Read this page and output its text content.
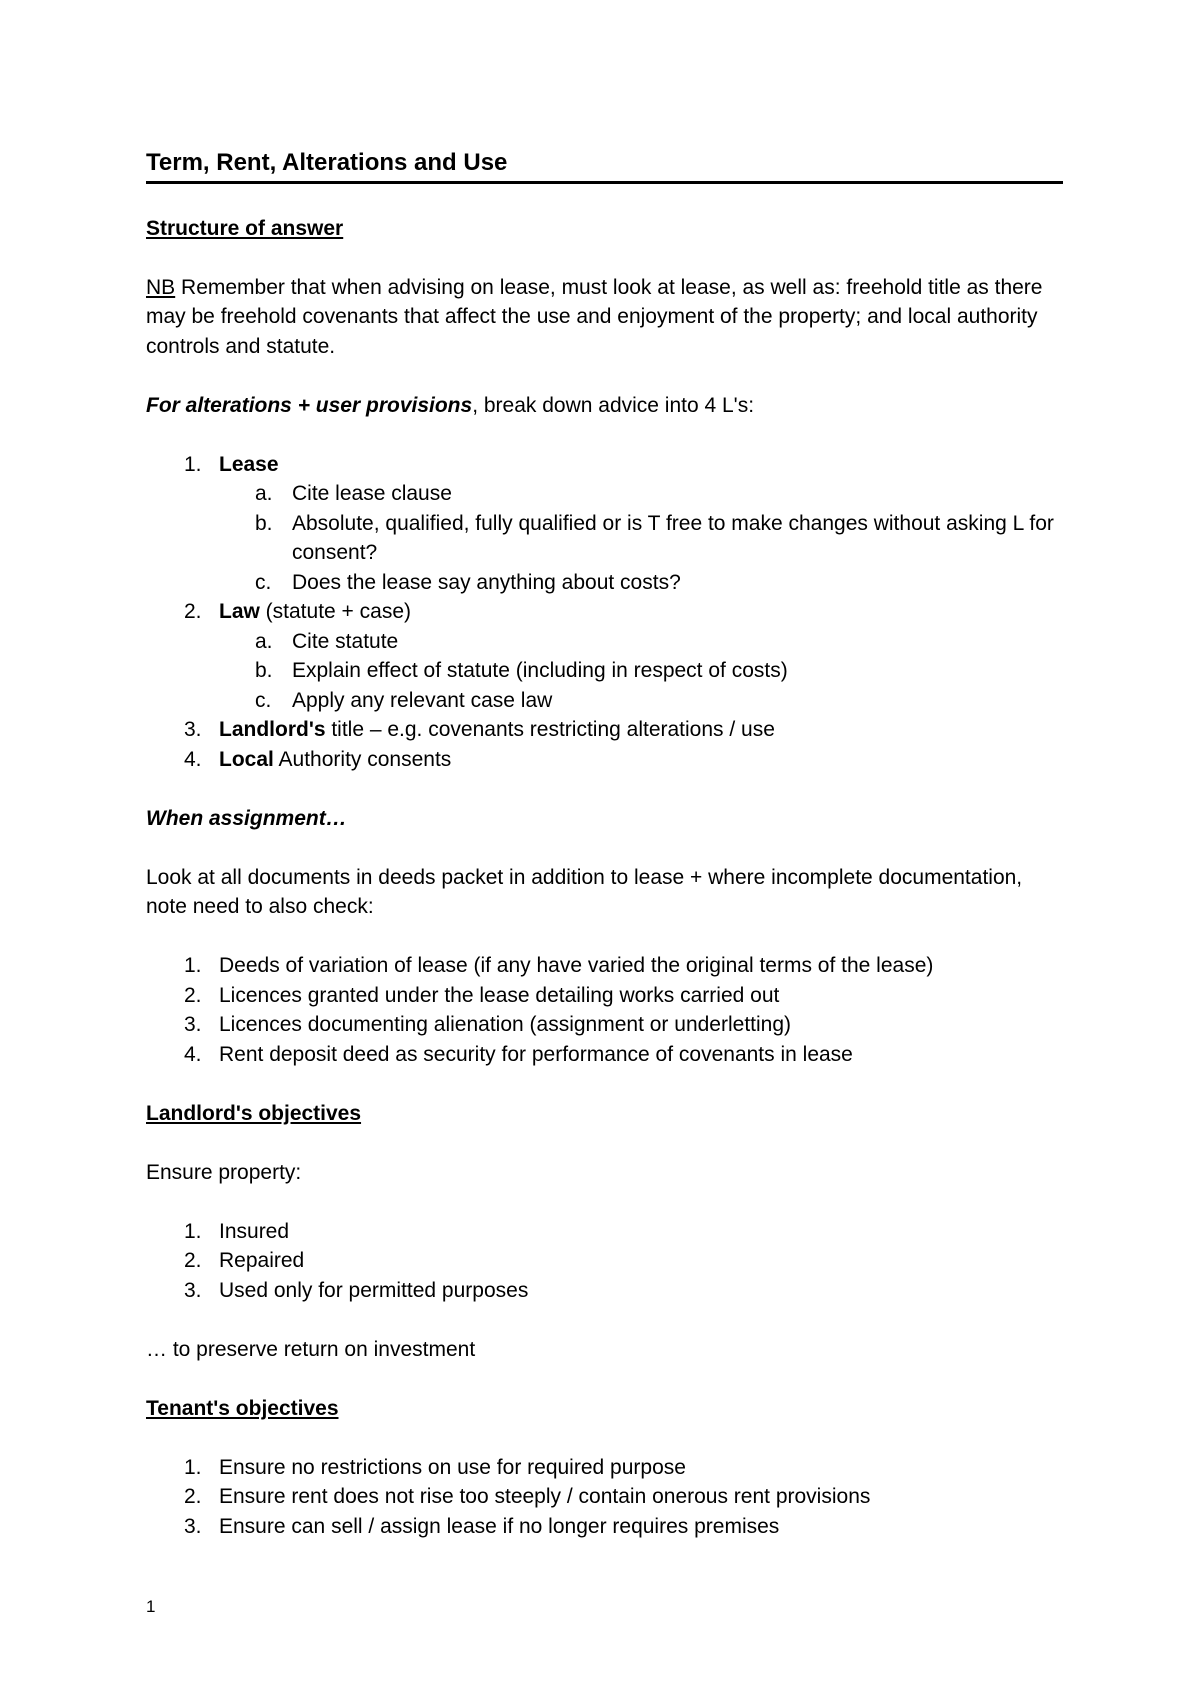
Term, Rent, Alterations and Use

Structure of answer

NB Remember that when advising on lease, must look at lease, as well as: freehold title as there may be freehold covenants that affect the use and enjoyment of the property; and local authority controls and statute.

For alterations + user provisions, break down advice into 4 L's:

1. Lease
a. Cite lease clause
b. Absolute, qualified, fully qualified or is T free to make changes without asking L for consent?
c. Does the lease say anything about costs?
2. Law (statute + case)
a. Cite statute
b. Explain effect of statute (including in respect of costs)
c. Apply any relevant case law
3. Landlord's title – e.g. covenants restricting alterations / use
4. Local Authority consents

When assignment…

Look at all documents in deeds packet in addition to lease + where incomplete documentation, note need to also check:

1. Deeds of variation of lease (if any have varied the original terms of the lease)
2. Licences granted under the lease detailing works carried out
3. Licences documenting alienation (assignment or underletting)
4. Rent deposit deed as security for performance of covenants in lease

Landlord's objectives

Ensure property:

1. Insured
2. Repaired
3. Used only for permitted purposes

… to preserve return on investment

Tenant's objectives

1. Ensure no restrictions on use for required purpose
2. Ensure rent does not rise too steeply / contain onerous rent provisions
3. Ensure can sell / assign lease if no longer requires premises
1
